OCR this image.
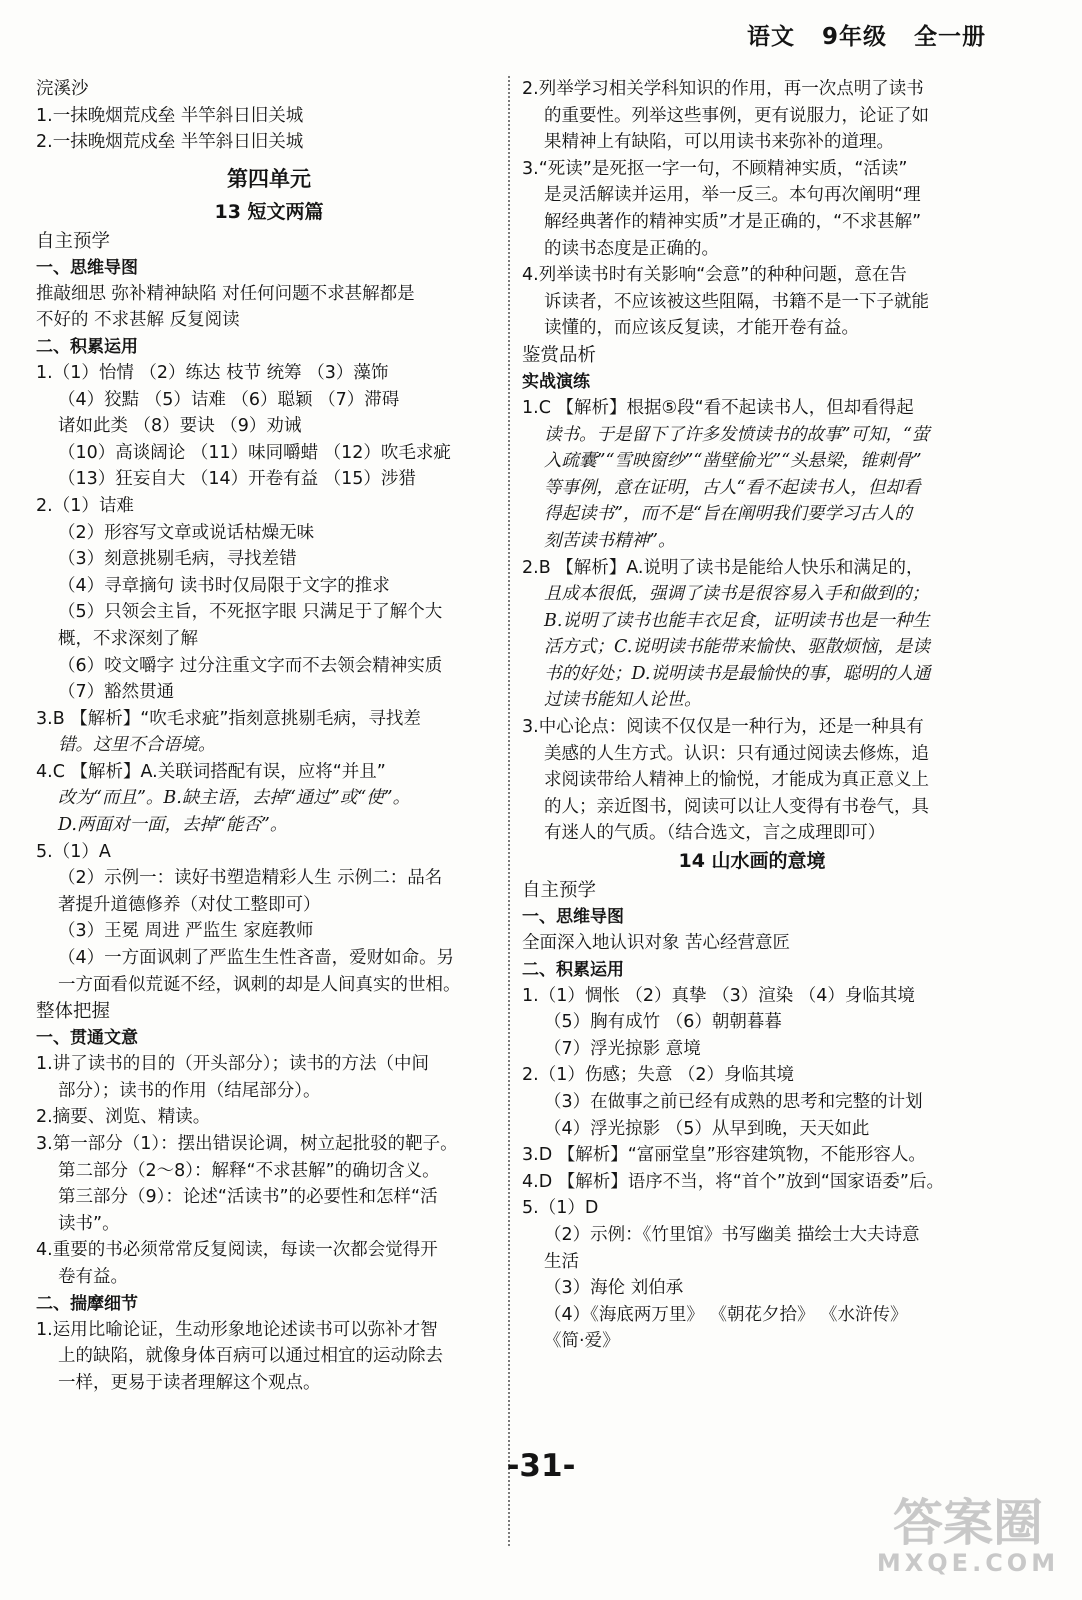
语文   9年级   全一册
浣溪沙
1.一抹晚烟荒戍垒 半竿斜日旧关城
2.一抹晚烟荒戍垒 半竿斜日旧关城
第四单元
13 短文两篇
自主预学
一、思维导图
推敲细思 弥补精神缺陷 对任何问题不求甚解都是
不好的 不求甚解 反复阅读
二、积累运用
1.（1）怡情 （2）练达 枝节 统筹 （3）藻饰
（4）狡黠 （5）诘难 （6）聪颖 （7）滞碍
诸如此类 （8）要诀 （9）劝诫
（10）高谈阔论 （11）味同嚼蜡 （12）吹毛求疵
（13）狂妄自大 （14）开卷有益 （15）涉猎
2.（1）诘难
（2）形容写文章或说话枯燥无味
（3）刻意挑剔毛病，寻找差错
（4）寻章摘句 读书时仅局限于文字的推求
（5）只领会主旨，不死抠字眼 只满足于了解个大
概，不求深刻了解
（6）咬文嚼字 过分注重文字而不去领会精神实质
（7）豁然贯通
3.B 【解析】“吹毛求疵”指刻意挑剔毛病，寻找差
错。这里不合语境。
4.C 【解析】A.关联词搭配有误，应将“并且”
改为“而且”。B.缺主语，去掉“通过”或“使”。
D.两面对一面，去掉“能否”。
5.（1）A
（2）示例一：读好书塑造精彩人生 示例二：品名
著提升道德修养（对仗工整即可）
（3）王冕 周进 严监生 家庭教师
（4）一方面讽刺了严监生生性吝啬，爱财如命。另
一方面看似荒诞不经，讽刺的却是人间真实的世相。
整体把握
一、贯通文意
1.讲了读书的目的（开头部分）；读书的方法（中间
部分）；读书的作用（结尾部分）。
2.摘要、浏览、精读。
3.第一部分（1）：摆出错误论调，树立起批驳的靶子。
第二部分（2～8）：解释“不求甚解”的确切含义。
第三部分（9）：论述“活读书”的必要性和怎样“活
读书”。
4.重要的书必须常常反复阅读，每读一次都会觉得开
卷有益。
二、揣摩细节
1.运用比喻论证，生动形象地论述读书可以弥补才智
上的缺陷，就像身体百病可以通过相宜的运动除去
一样，更易于读者理解这个观点。
2.列举学习相关学科知识的作用，再一次点明了读书
的重要性。列举这些事例，更有说服力，论证了如
果精神上有缺陷，可以用读书来弥补的道理。
3.“死读”是死抠一字一句，不顾精神实质，“活读”
是灵活解读并运用，举一反三。本句再次阐明“理
解经典著作的精神实质”才是正确的，“不求甚解”
的读书态度是正确的。
4.列举读书时有关影响“会意”的种种问题，意在告
诉读者，不应该被这些阻隔，书籍不是一下子就能
读懂的，而应该反复读，才能开卷有益。
鉴赏品析
实战演练
1.C 【解析】根据⑤段“看不起读书人，但却看得起
读书。于是留下了许多发愤读书的故事”可知，“萤
入疏囊”“雪映窗纱”“凿壁偷光”“头悬梁，锥刺骨”
等事例，意在证明，古人“看不起读书人，但却看
得起读书”，而不是“旨在阐明我们要学习古人的
刻苦读书精神”。
2.B 【解析】A.说明了读书是能给人快乐和满足的，
且成本很低，强调了读书是很容易入手和做到的；
B.说明了读书也能丰衣足食，证明读书也是一种生
活方式；C.说明读书能带来愉快、驱散烦恼，是读
书的好处；D.说明读书是最愉快的事，聪明的人通
过读书能知人论世。
3.中心论点：阅读不仅仅是一种行为，还是一种具有
美感的人生方式。认识：只有通过阅读去修炼，追
求阅读带给人精神上的愉悦，才能成为真正意义上
的人；亲近图书，阅读可以让人变得有书卷气，具
有迷人的气质。（结合选文，言之成理即可）
14 山水画的意境
自主预学
一、思维导图
全面深入地认识对象 苦心经营意匠
二、积累运用
1.（1）惆怅 （2）真挚 （3）渲染 （4）身临其境
（5）胸有成竹 （6）朝朝暮暮
（7）浮光掠影 意境
2.（1）伤感；失意 （2）身临其境
（3）在做事之前已经有成熟的思考和完整的计划
（4）浮光掠影 （5）从早到晚，天天如此
3.D 【解析】“富丽堂皇”形容建筑物，不能形容人。
4.D 【解析】语序不当，将“首个”放到“国家语委”后。
5.（1）D
（2）示例：《竹里馆》书写幽美 描绘士大夫诗意
生活
（3）海伦 刘伯承
（4）《海底两万里》 《朝花夕拾》 《水浒传》
《简·爱》
-31-
答案圈
MXQE.COM
